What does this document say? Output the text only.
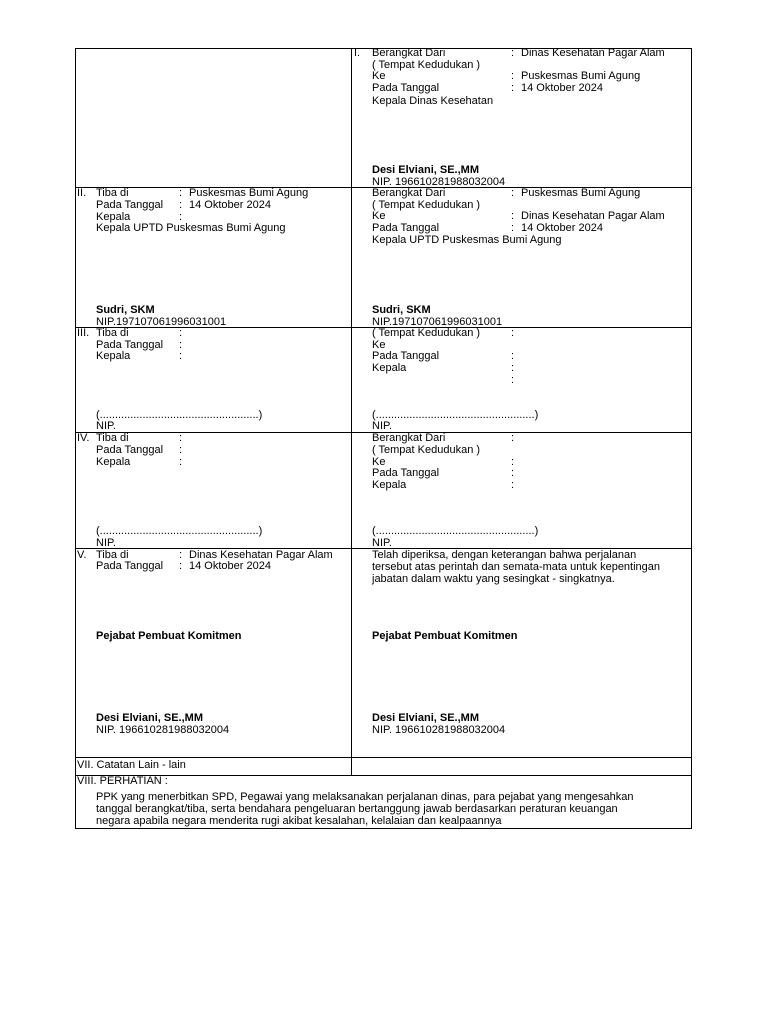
I. Berangkat Dari	: Dinas Kesehatan Pagar Alam
( Tempat Kedudukan )
Ke	: Puskesmas Bumi Agung
Pada Tanggal	: 14 Oktober 2024
Kepala Dinas Kesehatan
Desi Elviani, SE.,MM
NIP. 196610281988032004
II. Tiba di	: Puskesmas Bumi Agung
Pada Tanggal : 14 Oktober 2024
Kepala	:
Kepala UPTD Puskesmas Bumi Agung
Sudri, SKM
NIP.197107061996031001
Berangkat Dari	: Puskesmas Bumi Agung
( Tempat Kedudukan )
Ke	: Dinas Kesehatan Pagar Alam
Pada Tanggal	: 14 Oktober 2024
Kepala UPTD Puskesmas Bumi Agung
Sudri, SKM
NIP.197107061996031001
III. Tiba di	:
Pada Tanggal :
Kepala	:
(....................................................)
NIP.
( Tempat Kedudukan )	:
Ke
Pada Tanggal	:
Kepala	:
:
(....................................................)
NIP.
IV. Tiba di	:
Pada Tanggal :
Kepala	:
(....................................................)
NIP.
Berangkat Dari	:
( Tempat Kedudukan )
Ke	:
Pada Tanggal	:
Kepala	:
(....................................................)
NIP.
V. Tiba di	: Dinas Kesehatan Pagar Alam
Pada Tanggal : 14 Oktober 2024
Pejabat Pembuat Komitmen
Desi Elviani, SE.,MM
NIP. 196610281988032004
Telah diperiksa, dengan keterangan bahwa perjalanan tersebut atas perintah dan semata-mata untuk kepentingan jabatan dalam waktu yang sesingkat - singkatnya.
Pejabat Pembuat Komitmen
Desi Elviani, SE.,MM
NIP. 196610281988032004
VII. Catatan Lain - lain
VIII. PERHATIAN :
PPK yang menerbitkan SPD, Pegawai yang melaksanakan perjalanan dinas, para pejabat yang mengesahkan tanggal berangkat/tiba, serta bendahara pengeluaran bertanggung jawab berdasarkan peraturan keuangan negara apabila negara menderita rugi akibat kesalahan, kelalaian dan kealpaannya
